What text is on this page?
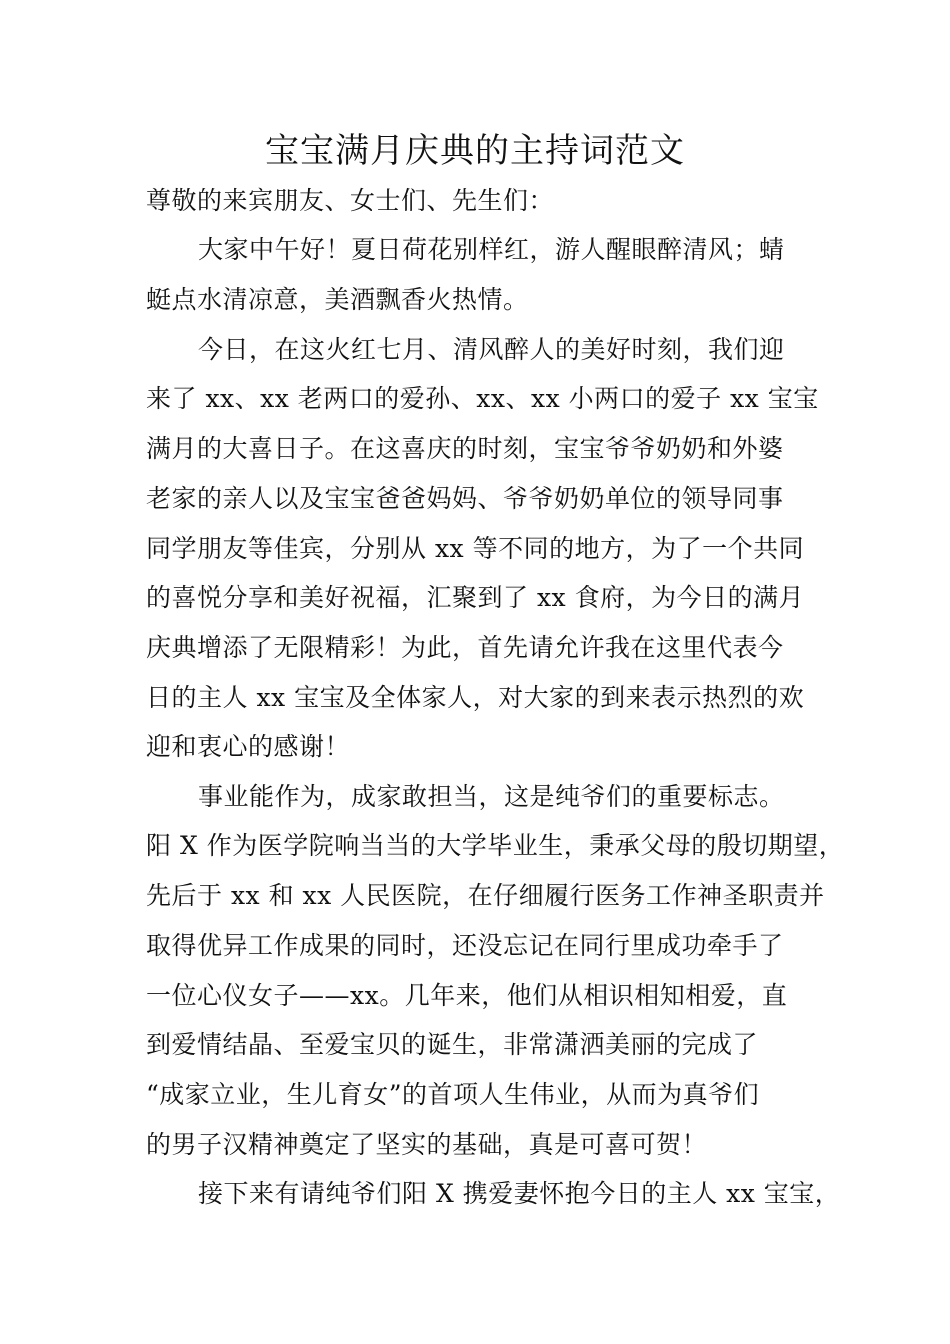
宝宝满月庆典的主持词范文
尊敬的来宾朋友、女士们、先生们：
大家中午好！夏日荷花别样红，游人醒眼醉清风；蜻
蜓点水清凉意，美酒飘香火热情。
今日，在这火红七月、清风醉人的美好时刻，我们迎
来了 xx、xx 老两口的爱孙、xx、xx 小两口的爱子 xx 宝宝
满月的大喜日子。在这喜庆的时刻，宝宝爷爷奶奶和外婆
老家的亲人以及宝宝爸爸妈妈、爷爷奶奶单位的领导同事
同学朋友等佳宾，分别从 xx 等不同的地方，为了一个共同
的喜悦分享和美好祝福，汇聚到了 xx 食府，为今日的满月
庆典增添了无限精彩！为此，首先请允许我在这里代表今
日的主人 xx 宝宝及全体家人，对大家的到来表示热烈的欢
迎和衷心的感谢！
事业能作为，成家敢担当，这是纯爷们的重要标志。
阳 X 作为医学院响当当的大学毕业生，秉承父母的殷切期望，
先后于 xx 和 xx 人民医院，在仔细履行医务工作神圣职责并
取得优异工作成果的同时，还没忘记在同行里成功牵手了
一位心仪女子——xx。几年来，他们从相识相知相爱，直
到爱情结晶、至爱宝贝的诞生，非常潇洒美丽的完成了
“成家立业，生儿育女”的首项人生伟业，从而为真爷们
的男子汉精神奠定了坚实的基础，真是可喜可贺！
接下来有请纯爷们阳 X 携爱妻怀抱今日的主人 xx 宝宝，
